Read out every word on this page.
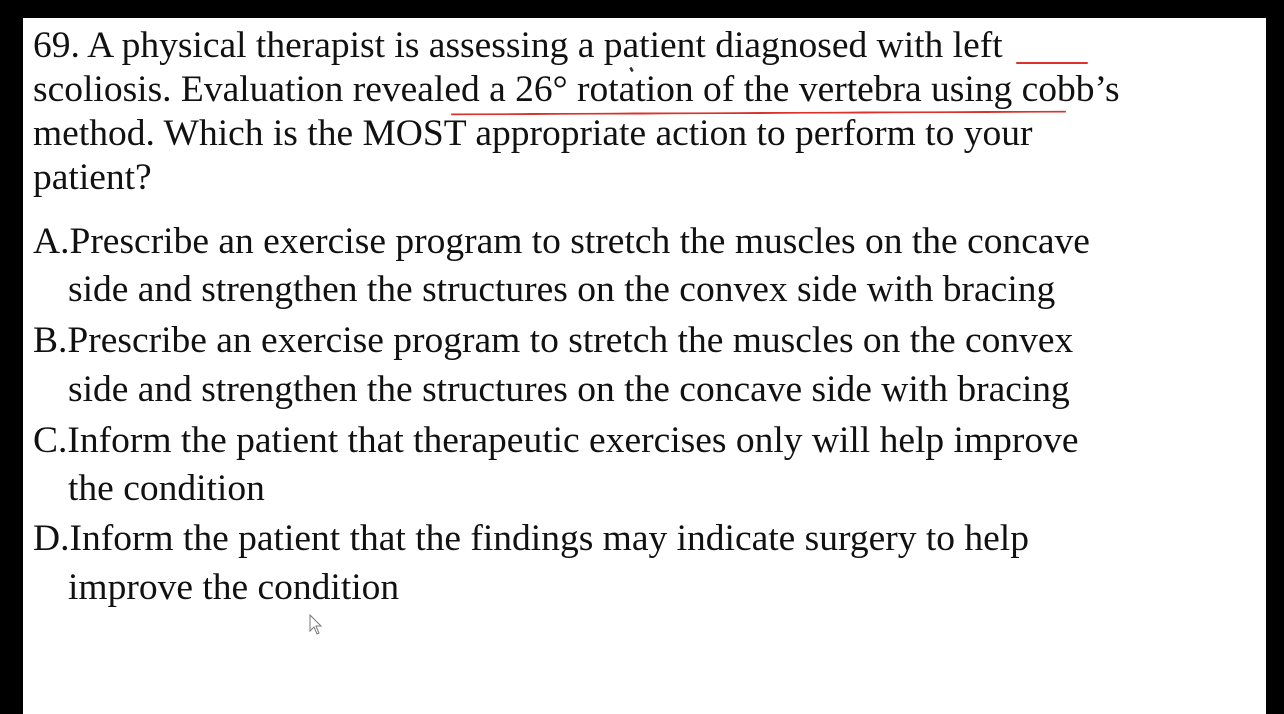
69. A physical therapist is assessing a patient diagnosed with left

scoliosis. Evaluation revealed a 26° rotation of the vertebra using cobb’s

method. Which is the MOST appropriate action to perform to your

patient?

A.Prescribe an exercise program to stretch the muscles on the concave

side and strengthen the structures on the convex side with bracing

B.Prescribe an exercise program to stretch the muscles on the convex

side and strengthen the structures on the concave side with bracing

C.Inform the patient that therapeutic exercises only will help improve

the condition

D.Inform the patient that the findings may indicate surgery to help

improve the condition
